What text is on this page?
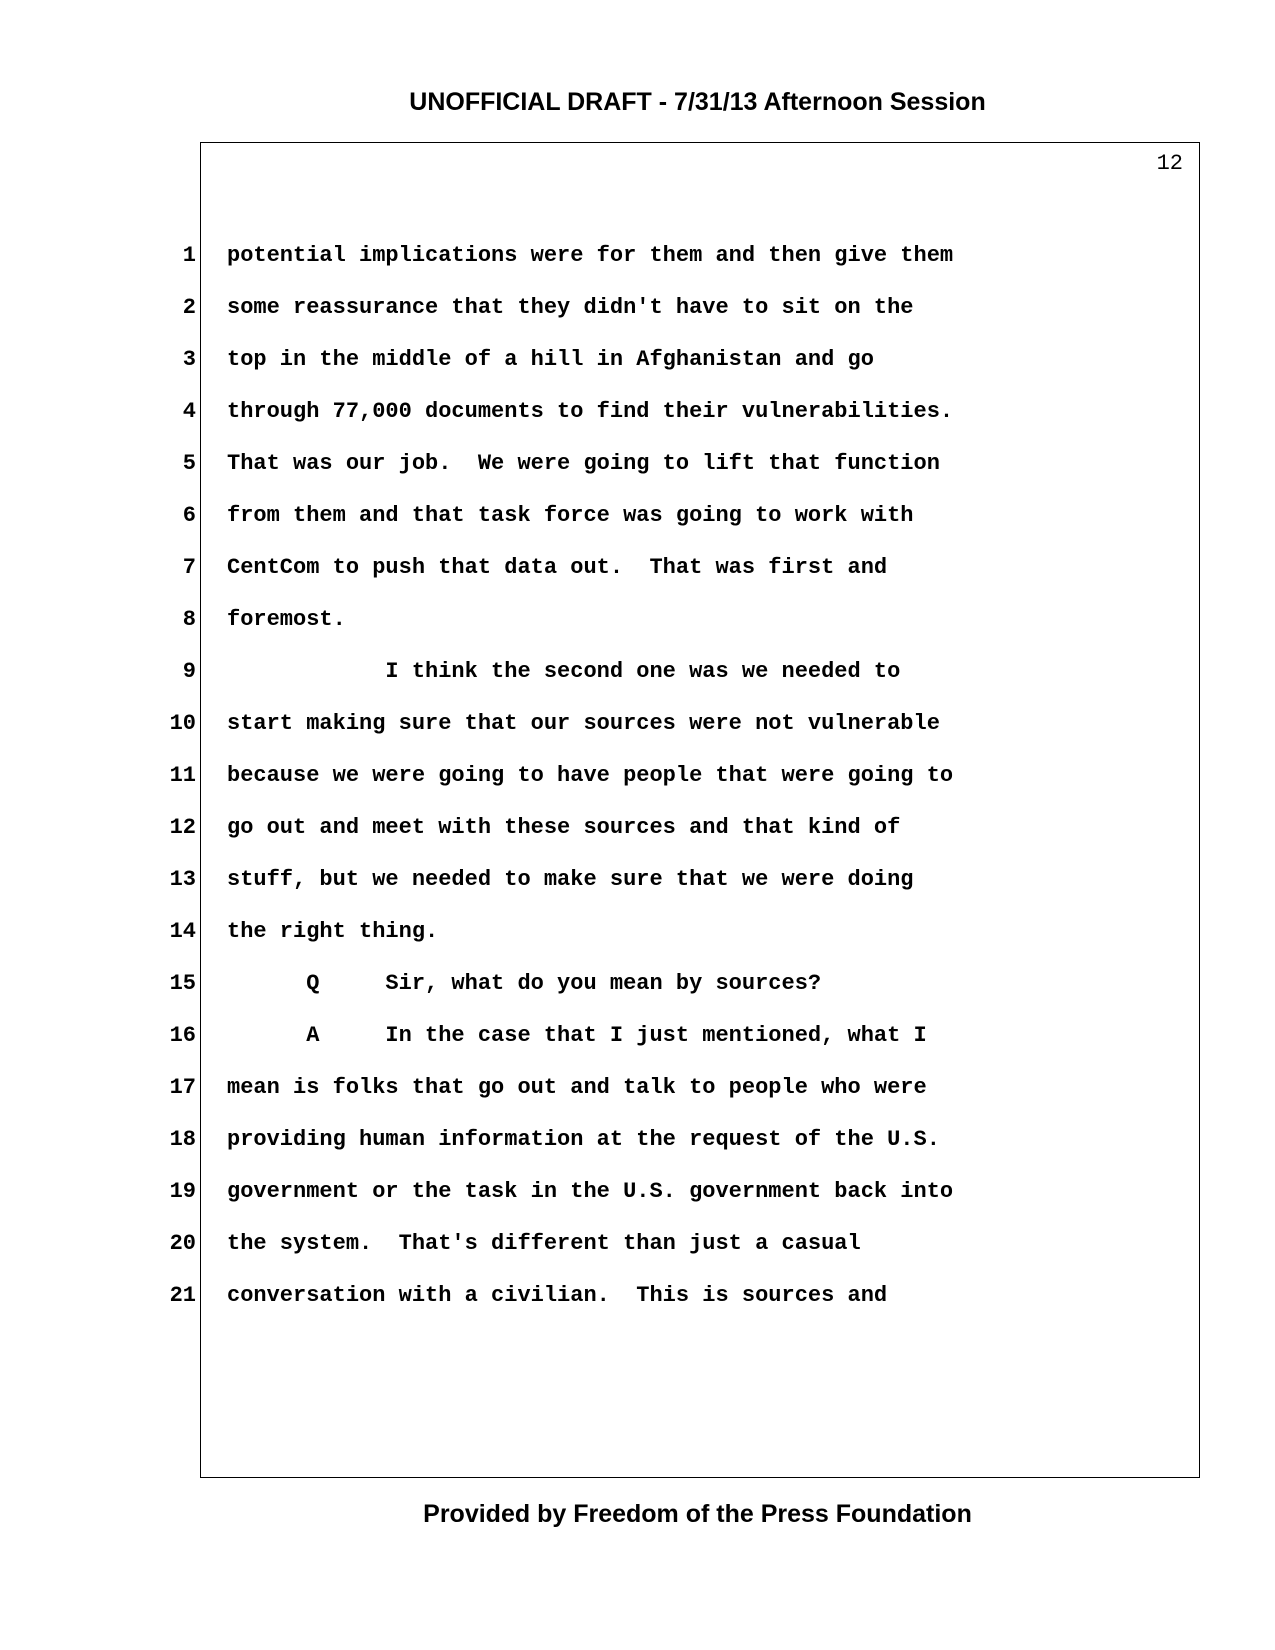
UNOFFICIAL DRAFT - 7/31/13 Afternoon Session
12
1
2
3
4
5
6
7
8
9
10
11
12
13
14
15
16
17
18
19
20
21
potential implications were for them and then give them
some reassurance that they didn't have to sit on the
top in the middle of a hill in Afghanistan and go
through 77,000 documents to find their vulnerabilities.
That was our job.  We were going to lift that function
from them and that task force was going to work with
CentCom to push that data out.  That was first and
foremost.
I think the second one was we needed to
start making sure that our sources were not vulnerable
because we were going to have people that were going to
go out and meet with these sources and that kind of
stuff, but we needed to make sure that we were doing
the right thing.
Q     Sir, what do you mean by sources?
A     In the case that I just mentioned, what I
mean is folks that go out and talk to people who were
providing human information at the request of the U.S.
government or the task in the U.S. government back into
the system.  That's different than just a casual
conversation with a civilian.  This is sources and
Provided by Freedom of the Press Foundation
